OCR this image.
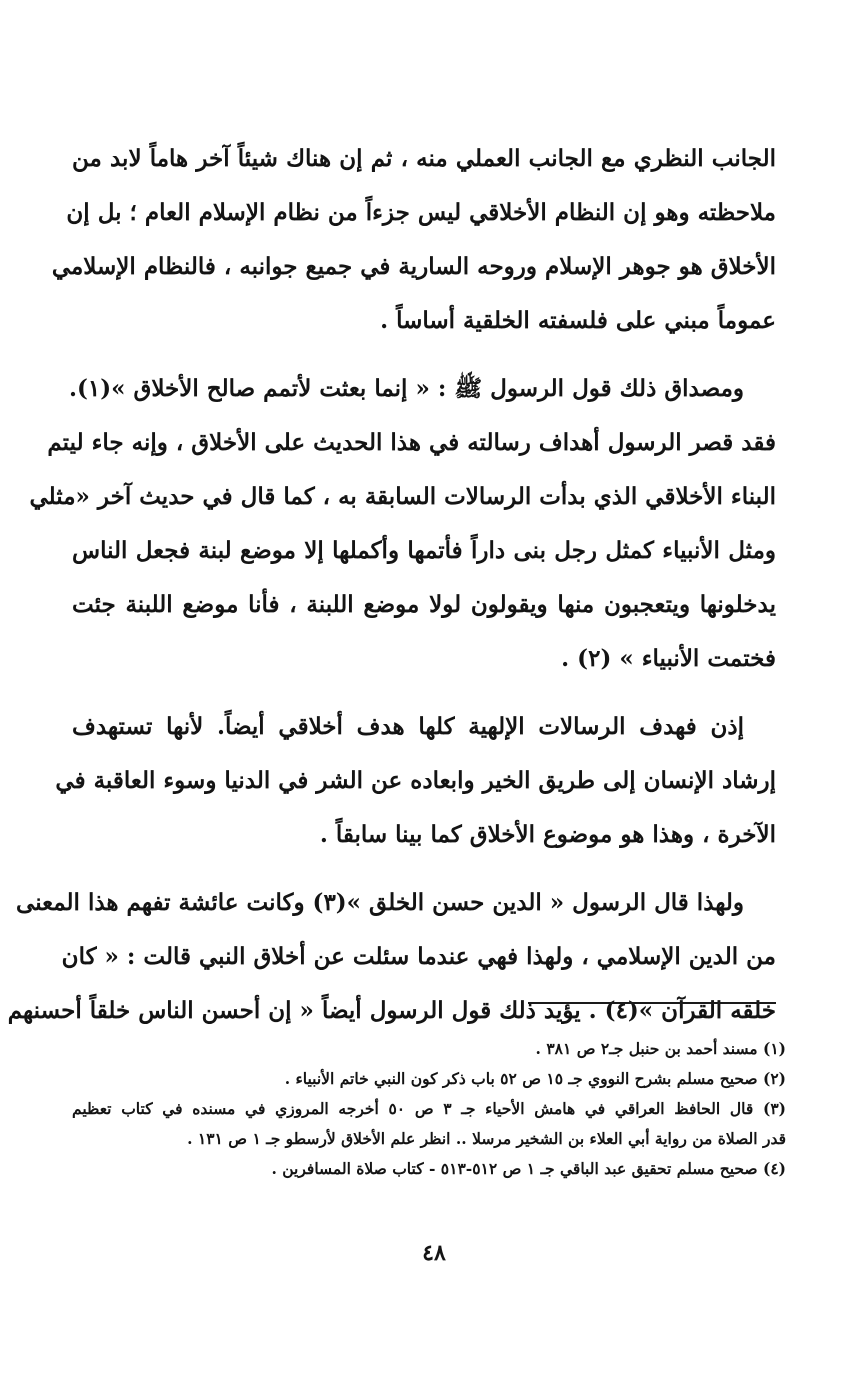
الجانب النظري مع الجانب العملي منه ، ثم إن هناك شيئاً آخر هاماً لابد من
ملاحظته وهو إن النظام الأخلاقي ليس جزءاً من نظام الإسلام العام ؛ بل إن
الأخلاق هو جوهر الإسلام وروحه السارية في جميع جوانبه ، فالنظام الإسلامي
عموماً مبني على فلسفته الخلقية أساساً .
ومصداق ذلك قول الرسول ﷺ : « إنما بعثت لأتمم صالح الأخلاق »(١).
فقد قصر الرسول أهداف رسالته في هذا الحديث على الأخلاق ، وإنه جاء ليتم
البناء الأخلاقي الذي بدأت الرسالات السابقة به ، كما قال في حديث آخر «مثلي
ومثل الأنبياء كمثل رجل بنى داراً فأتمها وأكملها إلا موضع لبنة فجعل الناس
يدخلونها ويتعجبون منها ويقولون لولا موضع اللبنة ، فأنا موضع اللبنة جئت
فختمت الأنبياء » (٢) .
إذن فهدف الرسالات الإلهية كلها هدف أخلاقي أيضاً. لأنها تستهدف
إرشاد الإنسان إلى طريق الخير وابعاده عن الشر في الدنيا وسوء العاقبة في
الآخرة ، وهذا هو موضوع الأخلاق كما بينا سابقاً .
ولهذا قال الرسول « الدين حسن الخلق »(٣) وكانت عائشة تفهم هذا المعنى
من الدين الإسلامي ، ولهذا فهي عندما سئلت عن أخلاق النبي قالت : « كان
خلقه القرآن »(٤) . يؤيد ذلك قول الرسول أيضاً « إن أحسن الناس خلقاً أحسنهم
(١) مسند أحمد بن حنبل جـ٢ ص ٣٨١ .
(٢) صحيح مسلم بشرح النووي جـ ١٥ ص ٥٢ باب ذكر كون النبي خاتم الأنبياء .
(٣) قال الحافظ العراقي في هامش الأحياء جـ ٣ ص ٥٠ أخرجه المروزي في مسنده في كتاب تعظيم
قدر الصلاة من رواية أبي العلاء بن الشخير مرسلا .. انظر علم الأخلاق لأرسطو جـ ١ ص ١٣١ .
(٤) صحيح مسلم تحقيق عبد الباقي جـ ١ ص ٥١٢-٥١٣ - كتاب صلاة المسافرين .
٤٨
